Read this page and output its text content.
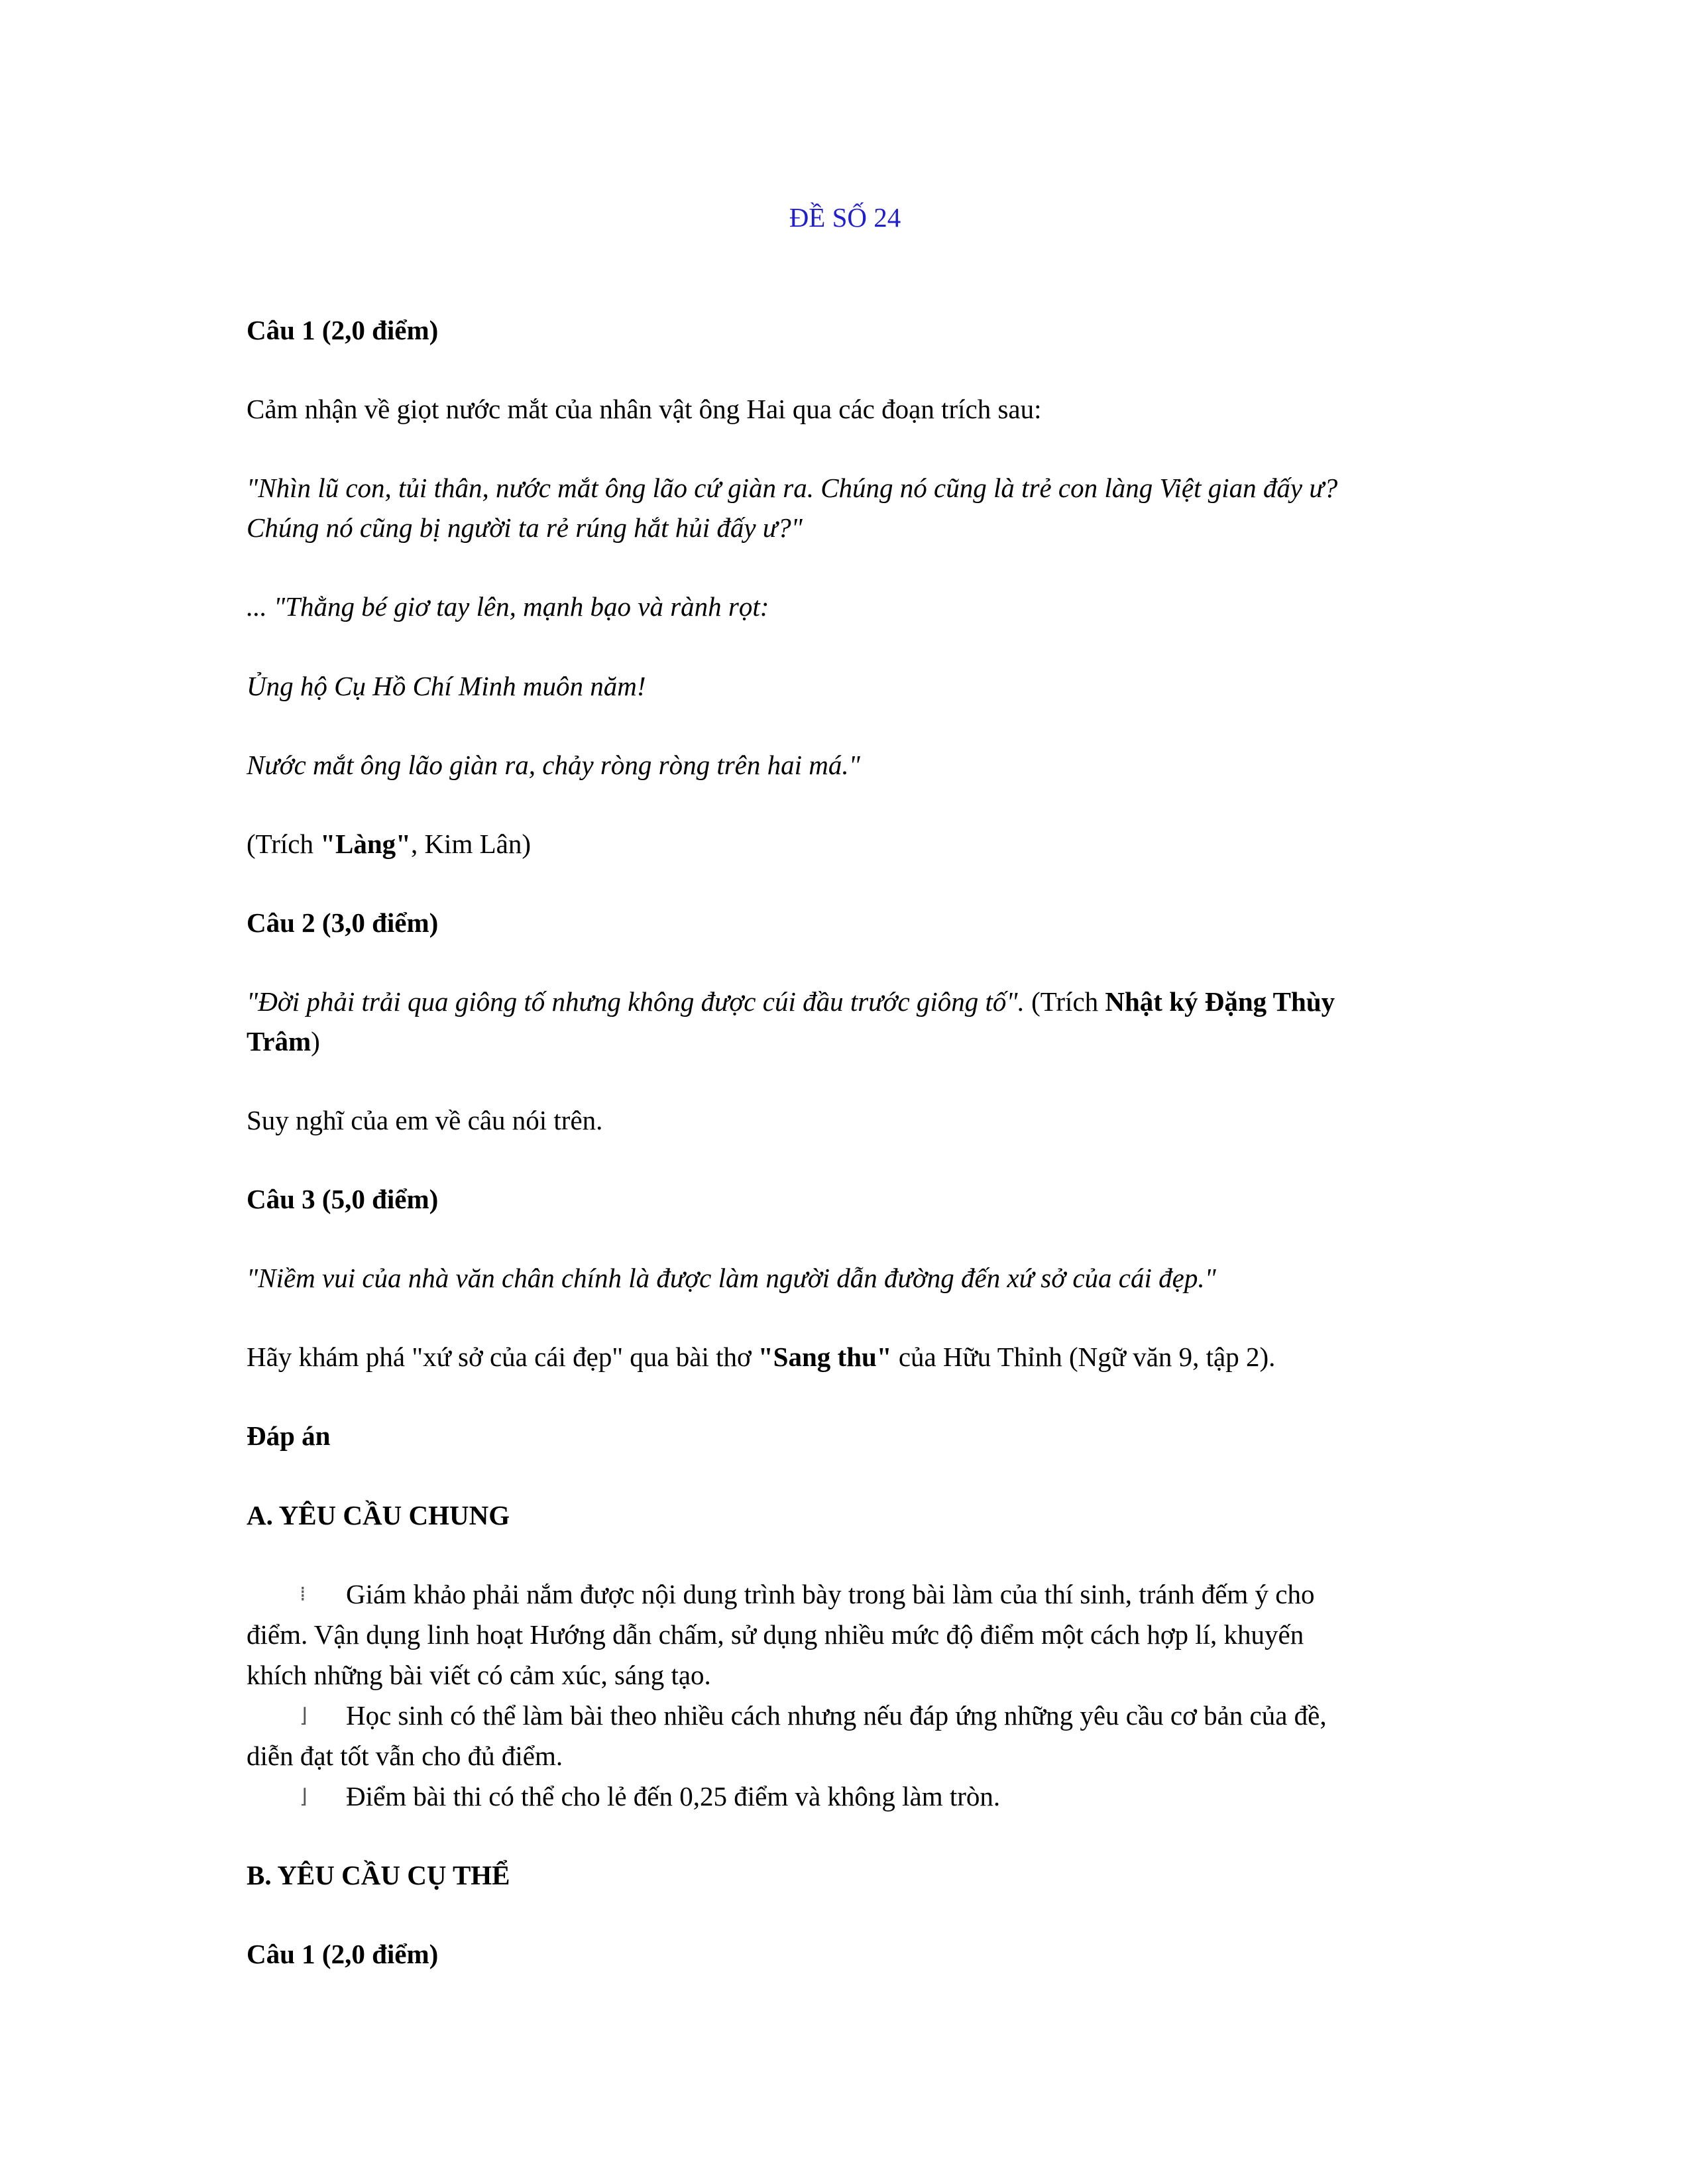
ĐỀ SỐ 24
Câu 1 (2,0 điểm)
Cảm nhận về giọt nước mắt của nhân vật ông Hai qua các đoạn trích sau:
"Nhìn lũ con, tủi thân, nước mắt ông lão cứ giàn ra. Chúng nó cũng là trẻ con làng Việt gian đấy ư?
Chúng nó cũng bị người ta rẻ rúng hắt hủi đấy ư?"
... "Thằng bé giơ tay lên, mạnh bạo và rành rọt:
Ủng hộ Cụ Hồ Chí Minh muôn năm!
Nước mắt ông lão giàn ra, chảy ròng ròng trên hai má."
(Trích "Làng", Kim Lân)
Câu 2 (3,0 điểm)
"Đời phải trải qua giông tố nhưng không được cúi đầu trước giông tố". (Trích Nhật ký Đặng Thùy
Trâm)
Suy nghĩ của em về câu nói trên.
Câu 3 (5,0 điểm)
"Niềm vui của nhà văn chân chính là được làm người dẫn đường đến xứ sở của cái đẹp."
Hãy khám phá "xứ sở của cái đẹp" qua bài thơ "Sang thu" của Hữu Thỉnh (Ngữ văn 9, tập 2).
Đáp án
A. YÊU CẦU CHUNG
⁞	Giám khảo phải nắm được nội dung trình bày trong bài làm của thí sinh, tránh đếm ý cho
điểm. Vận dụng linh hoạt Hướng dẫn chấm, sử dụng nhiều mức độ điểm một cách hợp lí, khuyến
khích những bài viết có cảm xúc, sáng tạo.
⌋	Học sinh có thể làm bài theo nhiều cách nhưng nếu đáp ứng những yêu cầu cơ bản của đề,
diễn đạt tốt vẫn cho đủ điểm.
⌋	Điểm bài thi có thể cho lẻ đến 0,25 điểm và không làm tròn.
B. YÊU CẦU CỤ THỂ
Câu 1 (2,0 điểm)
